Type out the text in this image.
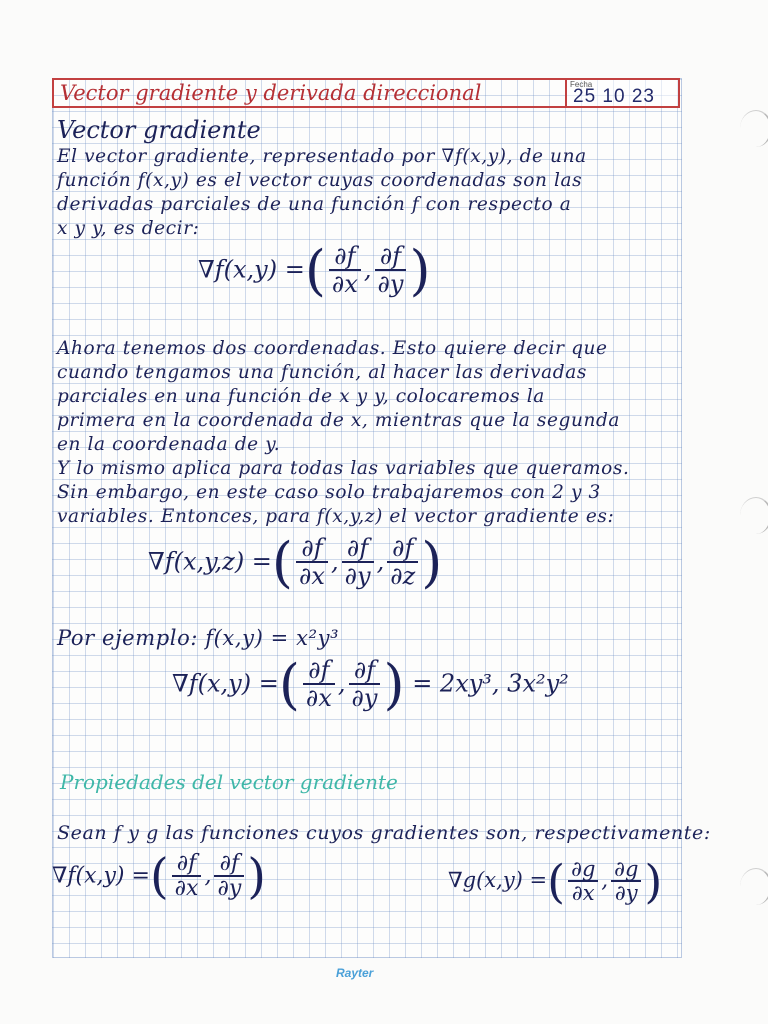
Vector gradiente y derivada direccional	Fecha
25 10 23
Vector gradiente
El vector gradiente, representado por ∇f(x,y), de una
función f(x,y) es el vector cuyas coordenadas son las
derivadas parciales de una función f con respecto a
x y y, es decir:
∇f(x,y) =( $\frac{\partial f}{\partial x}$ , $\frac{\partial f}{\partial y}$ )
Ahora tenemos dos coordenadas. Esto quiere decir que
cuando tengamos una función, al hacer las derivadas
parciales en una función de x y y, colocaremos la
primera en la coordenada de x, mientras que la segunda
en la coordenada de y.
Y lo mismo aplica para todas las variables que queramos.
Sin embargo, en este caso solo trabajaremos con 2 y 3
variables. Entonces, para f(x,y,z) el vector gradiente es:
∇f(x,y,z) =( $\frac{\partial f}{\partial x}$ , $\frac{\partial f}{\partial y}$ , $\frac{\partial f}{\partial z}$ )
Por ejemplo: f(x,y) = x²y³
∇f(x,y) =( $\frac{\partial f}{\partial x}$ , $\frac{\partial f}{\partial y}$ ) = 2xy³, 3x²y²
Propiedades del vector gradiente
Sean f y g las funciones cuyos gradientes son, respectivamente:
∇f(x,y) =( $\frac{\partial f}{\partial x}$ , $\frac{\partial f}{\partial y}$ )	∇g(x,y) =( $\frac{\partial g}{\partial x}$ , $\frac{\partial g}{\partial y}$ )
Rayter
